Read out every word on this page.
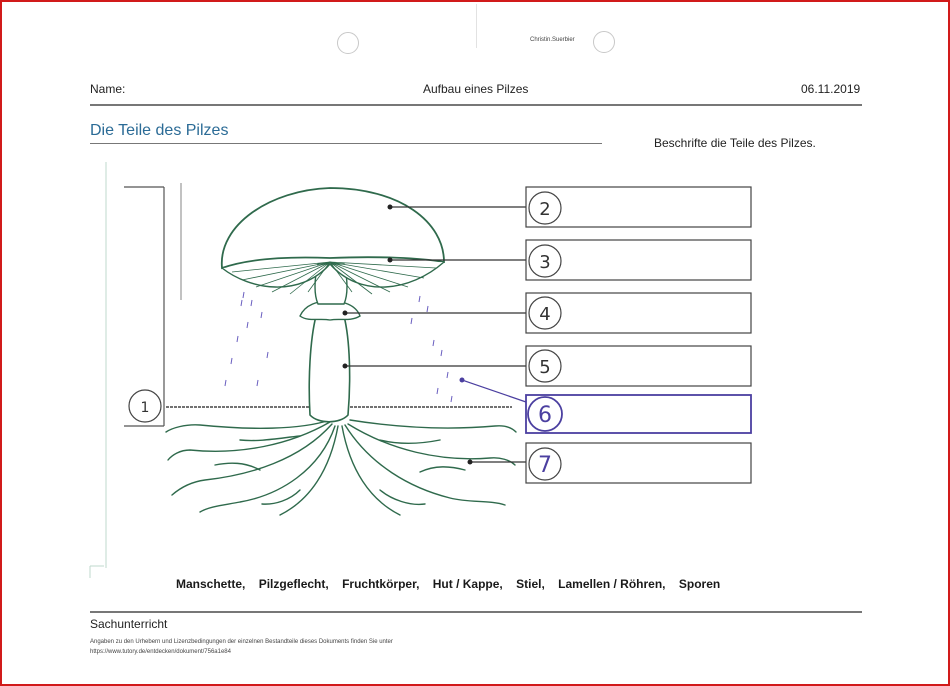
Christin.Suerbier
Name:	Aufbau eines Pilzes	06.11.2019
Die Teile des Pilzes
Beschrifte die Teile des Pilzes.
1
2
3
4
5
6
7
Manschette, Pilzgeflecht, Fruchtkörper, Hut / Kappe, Stiel, Lamellen / Röhren, Sporen
Sachunterricht
Angaben zu den Urhebern und Lizenzbedingungen der einzelnen Bestandteile dieses Dokuments finden Sie unter
https://www.tutory.de/entdecken/dokument/756a1e84
